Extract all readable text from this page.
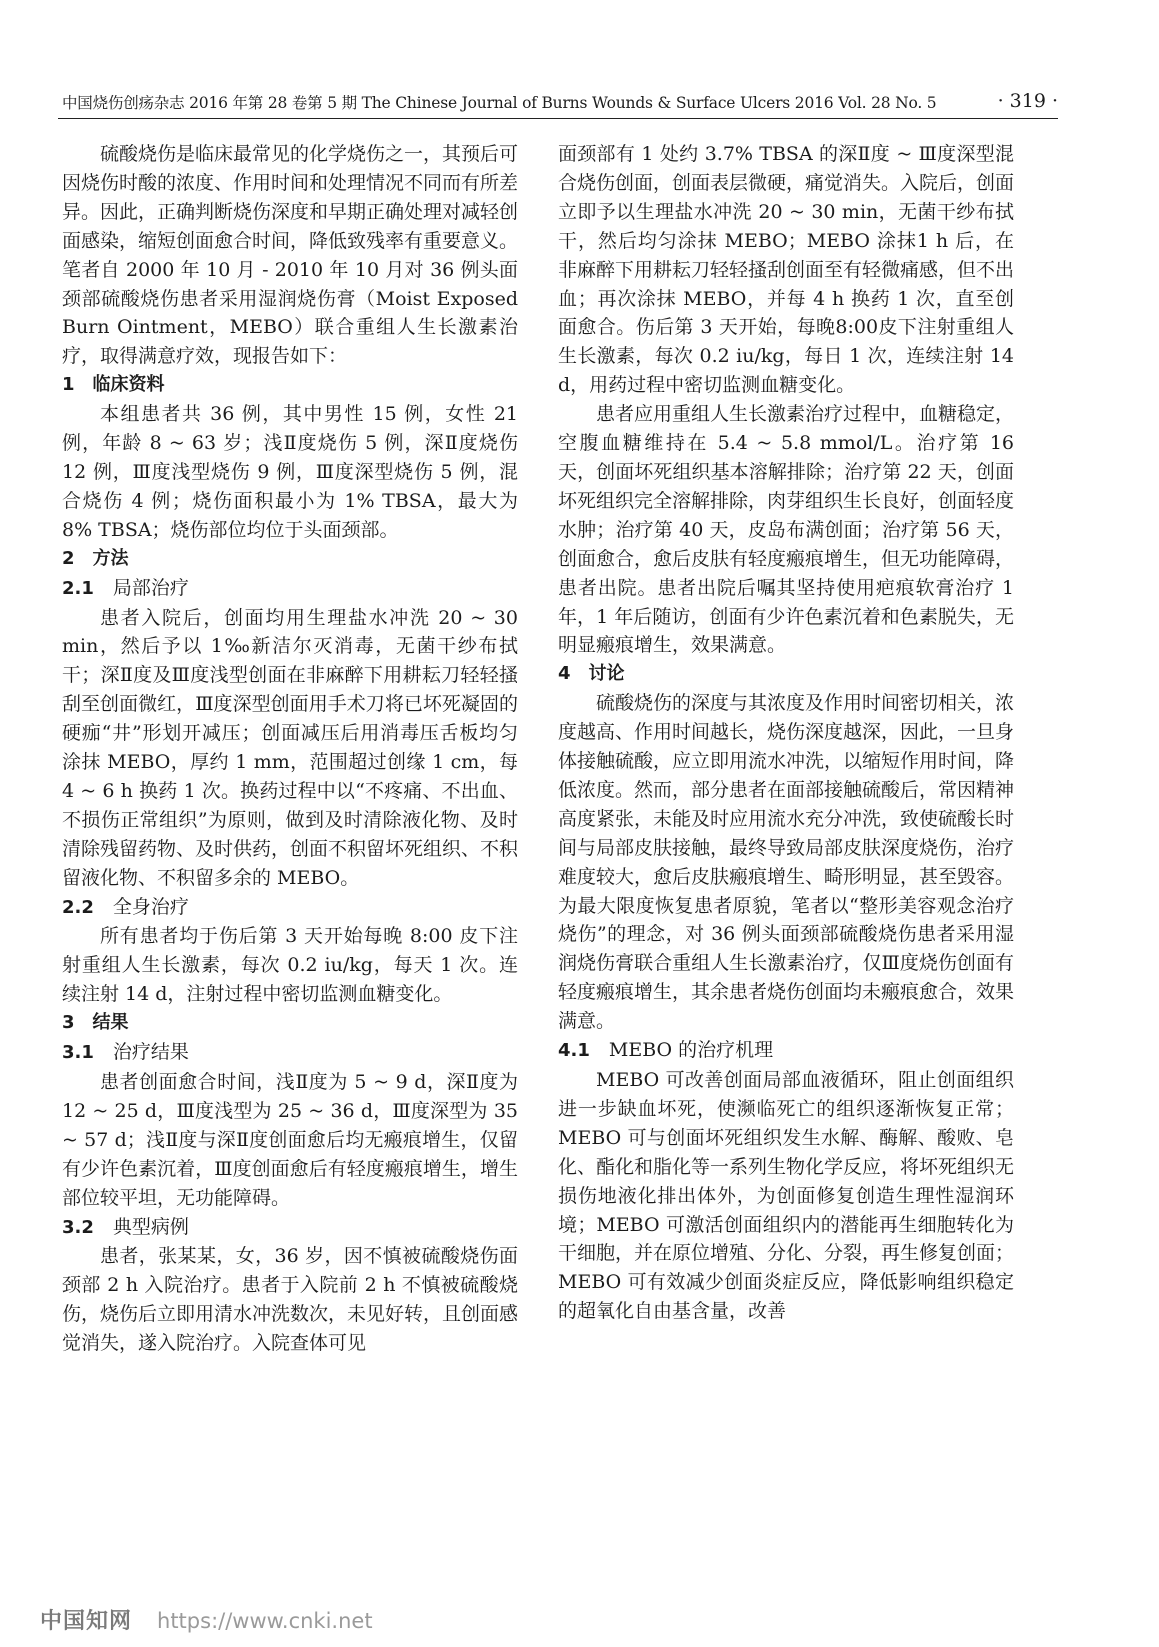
中国烧伤创疡杂志 2016 年第 28 卷第 5 期 The Chinese Journal of Burns Wounds & Surface Ulcers 2016 Vol. 28 No. 5	· 319 ·

硫酸烧伤是临床最常见的化学烧伤之一，其预后可因烧伤时酸的浓度、作用时间和处理情况不同而有所差异。因此，正确判断烧伤深度和早期正确处理对减轻创面感染，缩短创面愈合时间，降低致残率有重要意义。笔者自 2000 年 10 月 - 2010 年 10 月对 36 例头面颈部硫酸烧伤患者采用湿润烧伤膏（Moist Exposed Burn Ointment，MEBO）联合重组人生长激素治疗，取得满意疗效，现报告如下：

1 临床资料

本组患者共 36 例，其中男性 15 例，女性 21 例，年龄 8 ~ 63 岁；浅Ⅱ度烧伤 5 例，深Ⅱ度烧伤 12 例，Ⅲ度浅型烧伤 9 例，Ⅲ度深型烧伤 5 例，混合烧伤 4 例；烧伤面积最小为 1% TBSA，最大为 8% TBSA；烧伤部位均位于头面颈部。

2 方法

2.1 局部治疗

患者入院后，创面均用生理盐水冲洗 20 ~ 30 min，然后予以 1‰新洁尔灭消毒，无菌干纱布拭干；深Ⅱ度及Ⅲ度浅型创面在非麻醉下用耕耘刀轻轻搔刮至创面微红，Ⅲ度深型创面用手术刀将已坏死凝固的硬痂“井”形划开减压；创面减压后用消毒压舌板均匀涂抹 MEBO，厚约 1 mm，范围超过创缘 1 cm，每 4 ~ 6 h 换药 1 次。换药过程中以“不疼痛、不出血、不损伤正常组织”为原则，做到及时清除液化物、及时清除残留药物、及时供药，创面不积留坏死组织、不积留液化物、不积留多余的 MEBO。

2.2 全身治疗

所有患者均于伤后第 3 天开始每晚 8:00 皮下注射重组人生长激素，每次 0.2 iu/kg，每天 1 次。连续注射 14 d，注射过程中密切监测血糖变化。

3 结果

3.1 治疗结果

患者创面愈合时间，浅Ⅱ度为 5 ~ 9 d，深Ⅱ度为 12 ~ 25 d，Ⅲ度浅型为 25 ~ 36 d，Ⅲ度深型为 35 ~ 57 d；浅Ⅱ度与深Ⅱ度创面愈后均无瘢痕增生，仅留有少许色素沉着，Ⅲ度创面愈后有轻度瘢痕增生，增生部位较平坦，无功能障碍。

3.2 典型病例

患者，张某某，女，36 岁，因不慎被硫酸烧伤面颈部 2 h 入院治疗。患者于入院前 2 h 不慎被硫酸烧伤，烧伤后立即用清水冲洗数次，未见好转，且创面感觉消失，遂入院治疗。入院查体可见

面颈部有 1 处约 3.7% TBSA 的深Ⅱ度 ~ Ⅲ度深型混合烧伤创面，创面表层微硬，痛觉消失。入院后，创面立即予以生理盐水冲洗 20 ~ 30 min，无菌干纱布拭干，然后均匀涂抹 MEBO；MEBO 涂抹1 h 后，在非麻醉下用耕耘刀轻轻搔刮创面至有轻微痛感，但不出血；再次涂抹 MEBO，并每 4 h 换药 1 次，直至创面愈合。伤后第 3 天开始，每晚8:00皮下注射重组人生长激素，每次 0.2 iu/kg，每日 1 次，连续注射 14 d，用药过程中密切监测血糖变化。

患者应用重组人生长激素治疗过程中，血糖稳定，空腹血糖维持在 5.4 ~ 5.8 mmol/L。治疗第 16 天，创面坏死组织基本溶解排除；治疗第 22 天，创面坏死组织完全溶解排除，肉芽组织生长良好，创面轻度水肿；治疗第 40 天，皮岛布满创面；治疗第 56 天，创面愈合，愈后皮肤有轻度瘢痕增生，但无功能障碍，患者出院。患者出院后嘱其坚持使用疤痕软膏治疗 1 年，1 年后随访，创面有少许色素沉着和色素脱失，无明显瘢痕增生，效果满意。

4 讨论

硫酸烧伤的深度与其浓度及作用时间密切相关，浓度越高、作用时间越长，烧伤深度越深，因此，一旦身体接触硫酸，应立即用流水冲洗，以缩短作用时间，降低浓度。然而，部分患者在面部接触硫酸后，常因精神高度紧张，未能及时应用流水充分冲洗，致使硫酸长时间与局部皮肤接触，最终导致局部皮肤深度烧伤，治疗难度较大，愈后皮肤瘢痕增生、畸形明显，甚至毁容。为最大限度恢复患者原貌，笔者以“整形美容观念治疗烧伤”的理念，对 36 例头面颈部硫酸烧伤患者采用湿润烧伤膏联合重组人生长激素治疗，仅Ⅲ度烧伤创面有轻度瘢痕增生，其余患者烧伤创面均未瘢痕愈合，效果满意。

4.1 MEBO 的治疗机理

MEBO 可改善创面局部血液循环，阻止创面组织进一步缺血坏死，使濒临死亡的组织逐渐恢复正常；MEBO 可与创面坏死组织发生水解、酶解、酸败、皂化、酯化和脂化等一系列生物化学反应，将坏死组织无损伤地液化排出体外，为创面修复创造生理性湿润环境；MEBO 可激活创面组织内的潜能再生细胞转化为干细胞，并在原位增殖、分化、分裂，再生修复创面；MEBO 可有效减少创面炎症反应，降低影响组织稳定的超氧化自由基含量，改善

中国知网 https://www.cnki.net
